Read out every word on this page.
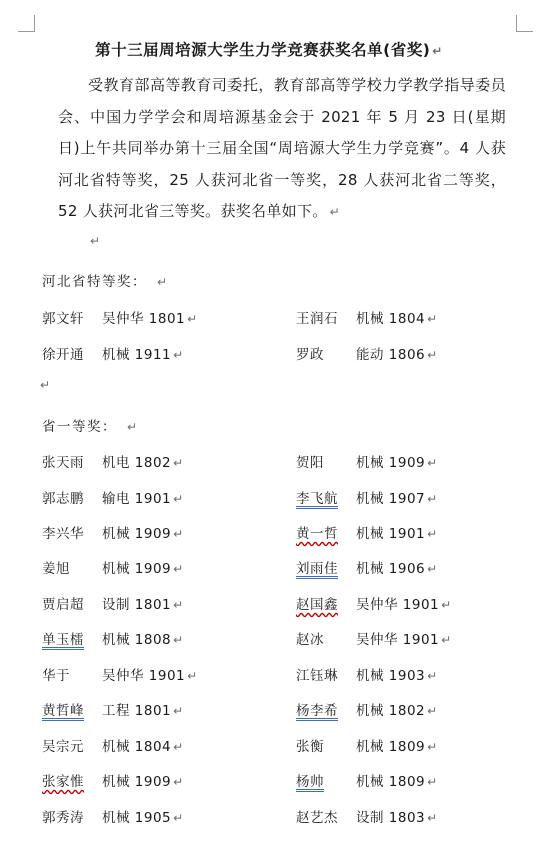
第十三届周培源大学生力学竞赛获奖名单(省奖) ↵
受教育部高等教育司委托，教育部高等学校力学教学指导委员会、中国力学学会和周培源基金会于 2021 年 5 月 23 日(星期日)上午共同举办第十三届全国“周培源大学生力学竞赛”。4 人获河北省特等奖，25 人获河北省一等奖，28 人获河北省二等奖，52 人获河北省三等奖。获奖名单如下。 ↵
↵
河北省特等奖： ↵
郭文轩 吴仲华 1801 ↵	王润石 机械 1804 ↵
徐开通 机械 1911 ↵	罗政 能动 1806 ↵
↵
省一等奖： ↵
张天雨 机电 1802 ↵	贺阳 机械 1909 ↵
郭志鹏 输电 1901 ↵	李飞航 机械 1907 ↵
李兴华 机械 1909 ↵	黄一哲 机械 1901 ↵
姜旭 机械 1909 ↵	刘雨佳 机械 1906 ↵
贾启超 设制 1801 ↵	赵国鑫 吴仲华 1901 ↵
单玉檑 机械 1808 ↵	赵冰 吴仲华 1901 ↵
华于 吴仲华 1901 ↵	江钰琳 机械 1903 ↵
黄哲峰 工程 1801 ↵	杨李希 机械 1802 ↵
吴宗元 机械 1804 ↵	张衡 机械 1809 ↵
张家惟 机械 1909 ↵	杨帅 机械 1809 ↵
郭秀涛 机械 1905 ↵	赵艺杰 设制 1803 ↵
